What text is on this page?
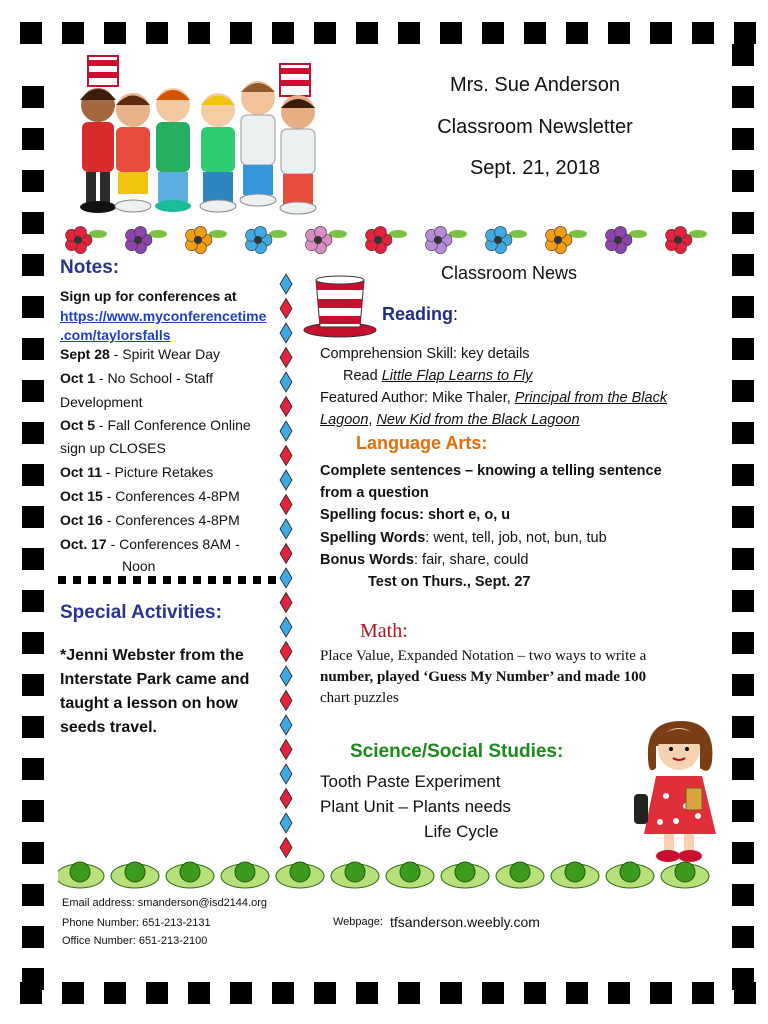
Mrs. Sue Anderson
Classroom Newsletter
Sept. 21, 2018
Notes:
Sign up for conferences at
https://www.myconferencetime
.com/taylorsfalls
Sept 28 - Spirit Wear Day
Oct 1 - No School - Staff
Development
Oct 5 - Fall Conference Online
sign up CLOSES
Oct 11 - Picture Retakes
Oct 15 - Conferences 4-8PM
Oct 16 - Conferences 4-8PM
Oct. 17 - Conferences 8AM -
Noon
Special Activities:
*Jenni Webster from the
Interstate Park came and
taught a lesson on how
seeds travel.
Classroom News
Reading:
Comprehension Skill: key details
Read Little Flap Learns to Fly
Featured Author: Mike Thaler, Principal from the Black
Lagoon, New Kid from the Black Lagoon
Language Arts:
Complete sentences – knowing a telling sentence
from a question
Spelling focus: short e, o, u
Spelling Words: went, tell, job, not, bun, tub
Bonus Words: fair, share, could
Test on Thurs., Sept. 27
Math:
Place Value, Expanded Notation – two ways to write a
number, played ‘Guess My Number’ and made 100
chart puzzles
Science/Social Studies:
Tooth Paste Experiment
Plant Unit – Plants needs
Life Cycle
Email address: smanderson@isd2144.org
Phone Number: 651-213-2131
Office Number: 651-213-2100
Webpage: tfsanderson.weebly.com
